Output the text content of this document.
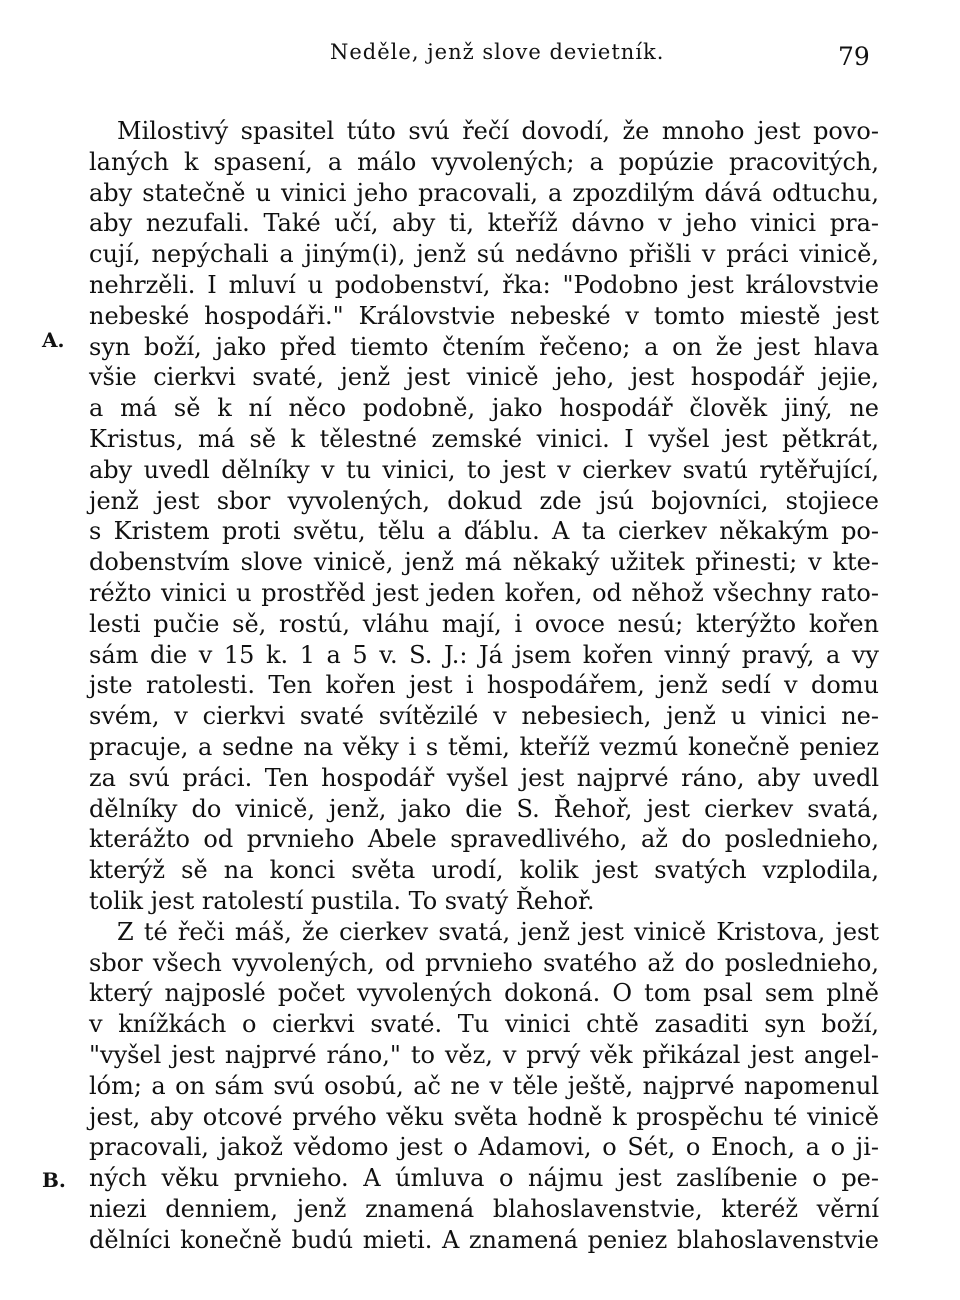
Neděle, jenž slove devietník.	79
A.
B.
Milostivý spasitel túto svú řečí dovodí, že mnoho jest povo-
laných k spasení, a málo vyvolených; a popúzie pracovitých,
aby statečně u vinici jeho pracovali, a zpozdilým dává odtuchu,
aby nezufali. Také učí, aby ti, kteříž dávno v jeho vinici pra-
cují, nepýchali a jiným(i), jenž sú nedávno přišli v práci vinicě,
nehrzěli. I mluví u podobenství, řka: "Podobno jest královstvie
nebeské hospodáři." Královstvie nebeské v tomto miestě jest
syn boží, jako před tiemto čtením řečeno; a on že jest hlava
všie cierkvi svaté, jenž jest vinicě jeho, jest hospodář jejie,
a má sě k ní něco podobně, jako hospodář člověk jiný, ne
Kristus, má sě k tělestné zemské vinici. I vyšel jest pětkrát,
aby uvedl dělníky v tu vinici, to jest v cierkev svatú rytěřující,
jenž jest sbor vyvolených, dokud zde jsú bojovníci, stojiece
s Kristem proti světu, tělu a ďáblu. A ta cierkev někakým po-
dobenstvím slove vinicě, jenž má někaký užitek přinesti; v kte-
réžto vinici u prostřěd jest jeden kořen, od něhož všechny rato-
lesti pučie sě, rostú, vláhu mají, i ovoce nesú; kterýžto kořen
sám die v 15 k. 1 a 5 v. S. J.: Já jsem kořen vinný pravý, a vy
jste ratolesti. Ten kořen jest i hospodářem, jenž sedí v domu
svém, v cierkvi svaté svítězilé v nebesiech, jenž u vinici ne-
pracuje, a sedne na věky i s těmi, kteříž vezmú konečně peniez
za svú práci. Ten hospodář vyšel jest najprvé ráno, aby uvedl
dělníky do vinicě, jenž, jako die S. Řehoř, jest cierkev svatá,
kterážto od prvnieho Abele spravedlivého, až do poslednieho,
kterýž sě na konci světa urodí, kolik jest svatých vzplodila,
tolik jest ratolestí pustila. To svatý Řehoř.
Z té řeči máš, že cierkev svatá, jenž jest vinicě Kristova, jest
sbor všech vyvolených, od prvnieho svatého až do poslednieho,
který najposlé počet vyvolených dokoná. O tom psal sem plně
v knížkách o cierkvi svaté. Tu vinici chtě zasaditi syn boží,
"vyšel jest najprvé ráno," to věz, v prvý věk přikázal jest angel-
lóm; a on sám svú osobú, ač ne v těle ještě, najprvé napomenul
jest, aby otcové prvého věku světa hodně k prospěchu té vinicě
pracovali, jakož vědomo jest o Adamovi, o Sét, o Enoch, a o ji-
ných věku prvnieho. A úmluva o nájmu jest zaslíbenie o pe-
niezi denniem, jenž znamená blahoslavenstvie, kteréž věrní
dělníci konečně budú mieti. A znamená peniez blahoslavenstvie
